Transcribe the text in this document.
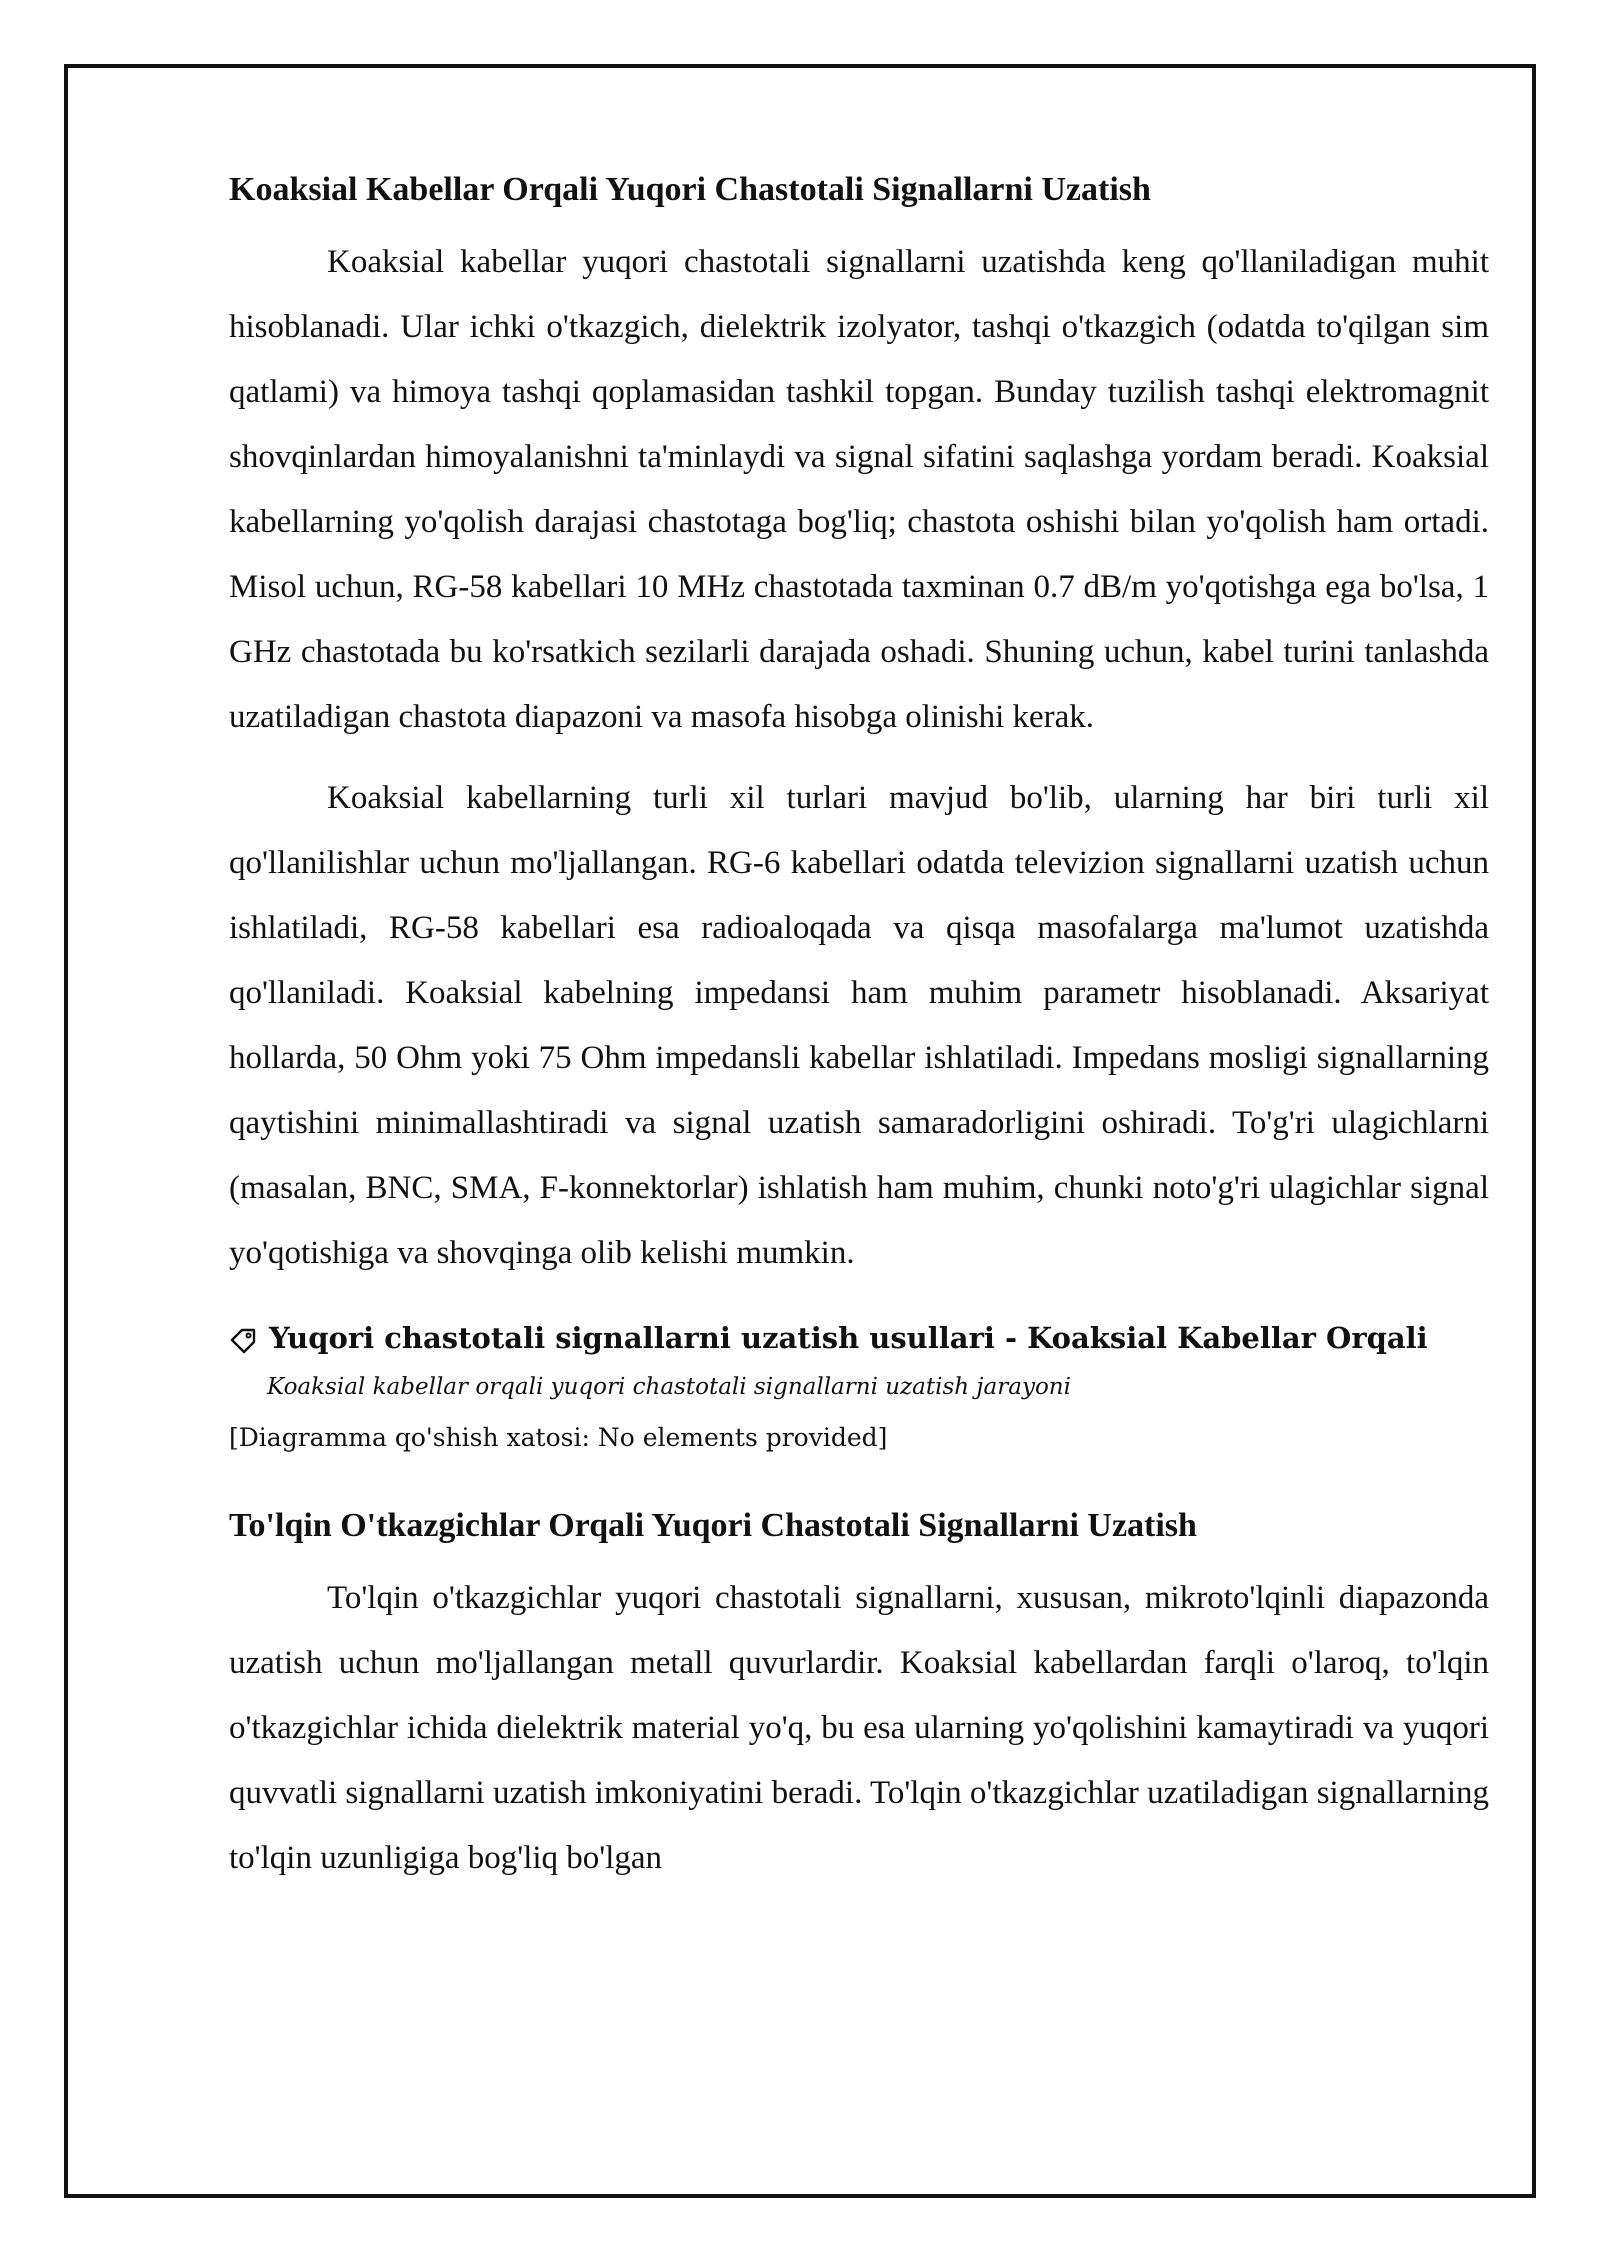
Koaksial Kabellar Orqali Yuqori Chastotali Signallarni Uzatish

Koaksial kabellar yuqori chastotali signallarni uzatishda keng qo'llaniladigan muhit hisoblanadi. Ular ichki o'tkazgich, dielektrik izolyator, tashqi o'tkazgich (odatda to'qilgan sim qatlami) va himoya tashqi qoplamasidan tashkil topgan. Bunday tuzilish tashqi elektromagnit shovqinlardan himoyalanishni ta'minlaydi va signal sifatini saqlashga yordam beradi. Koaksial kabellarning yo'qolish darajasi chastotaga bog'liq; chastota oshishi bilan yo'qolish ham ortadi. Misol uchun, RG-58 kabellari 10 MHz chastotada taxminan 0.7 dB/m yo'qotishga ega bo'lsa, 1 GHz chastotada bu ko'rsatkich sezilarli darajada oshadi. Shuning uchun, kabel turini tanlashda uzatiladigan chastota diapazoni va masofa hisobga olinishi kerak.

Koaksial kabellarning turli xil turlari mavjud bo'lib, ularning har biri turli xil qo'llanilishlar uchun mo'ljallangan. RG-6 kabellari odatda televizion signallarni uzatish uchun ishlatiladi, RG-58 kabellari esa radioaloqada va qisqa masofalarga ma'lumot uzatishda qo'llaniladi. Koaksial kabelning impedansi ham muhim parametr hisoblanadi. Aksariyat hollarda, 50 Ohm yoki 75 Ohm impedansli kabellar ishlatiladi. Impedans mosligi signallarning qaytishini minimallashtiradi va signal uzatish samaradorligini oshiradi. To'g'ri ulagichlarni (masalan, BNC, SMA, F-konnektorlar) ishlatish ham muhim, chunki noto'g'ri ulagichlar signal yo'qotishiga va shovqinga olib kelishi mumkin.

Yuqori chastotali signallarni uzatish usullari - Koaksial Kabellar Orqali
Koaksial kabellar orqali yuqori chastotali signallarni uzatish jarayoni
[Diagramma qo'shish xatosi: No elements provided]
To'lqin O'tkazgichlar Orqali Yuqori Chastotali Signallarni Uzatish

To'lqin o'tkazgichlar yuqori chastotali signallarni, xususan, mikroto'lqinli diapazonda uzatish uchun mo'ljallangan metall quvurlardir. Koaksial kabellardan farqli o'laroq, to'lqin o'tkazgichlar ichida dielektrik material yo'q, bu esa ularning yo'qolishini kamaytiradi va yuqori quvvatli signallarni uzatish imkoniyatini beradi. To'lqin o'tkazgichlar uzatiladigan signallarning to'lqin uzunligiga bog'liq bo'lgan
